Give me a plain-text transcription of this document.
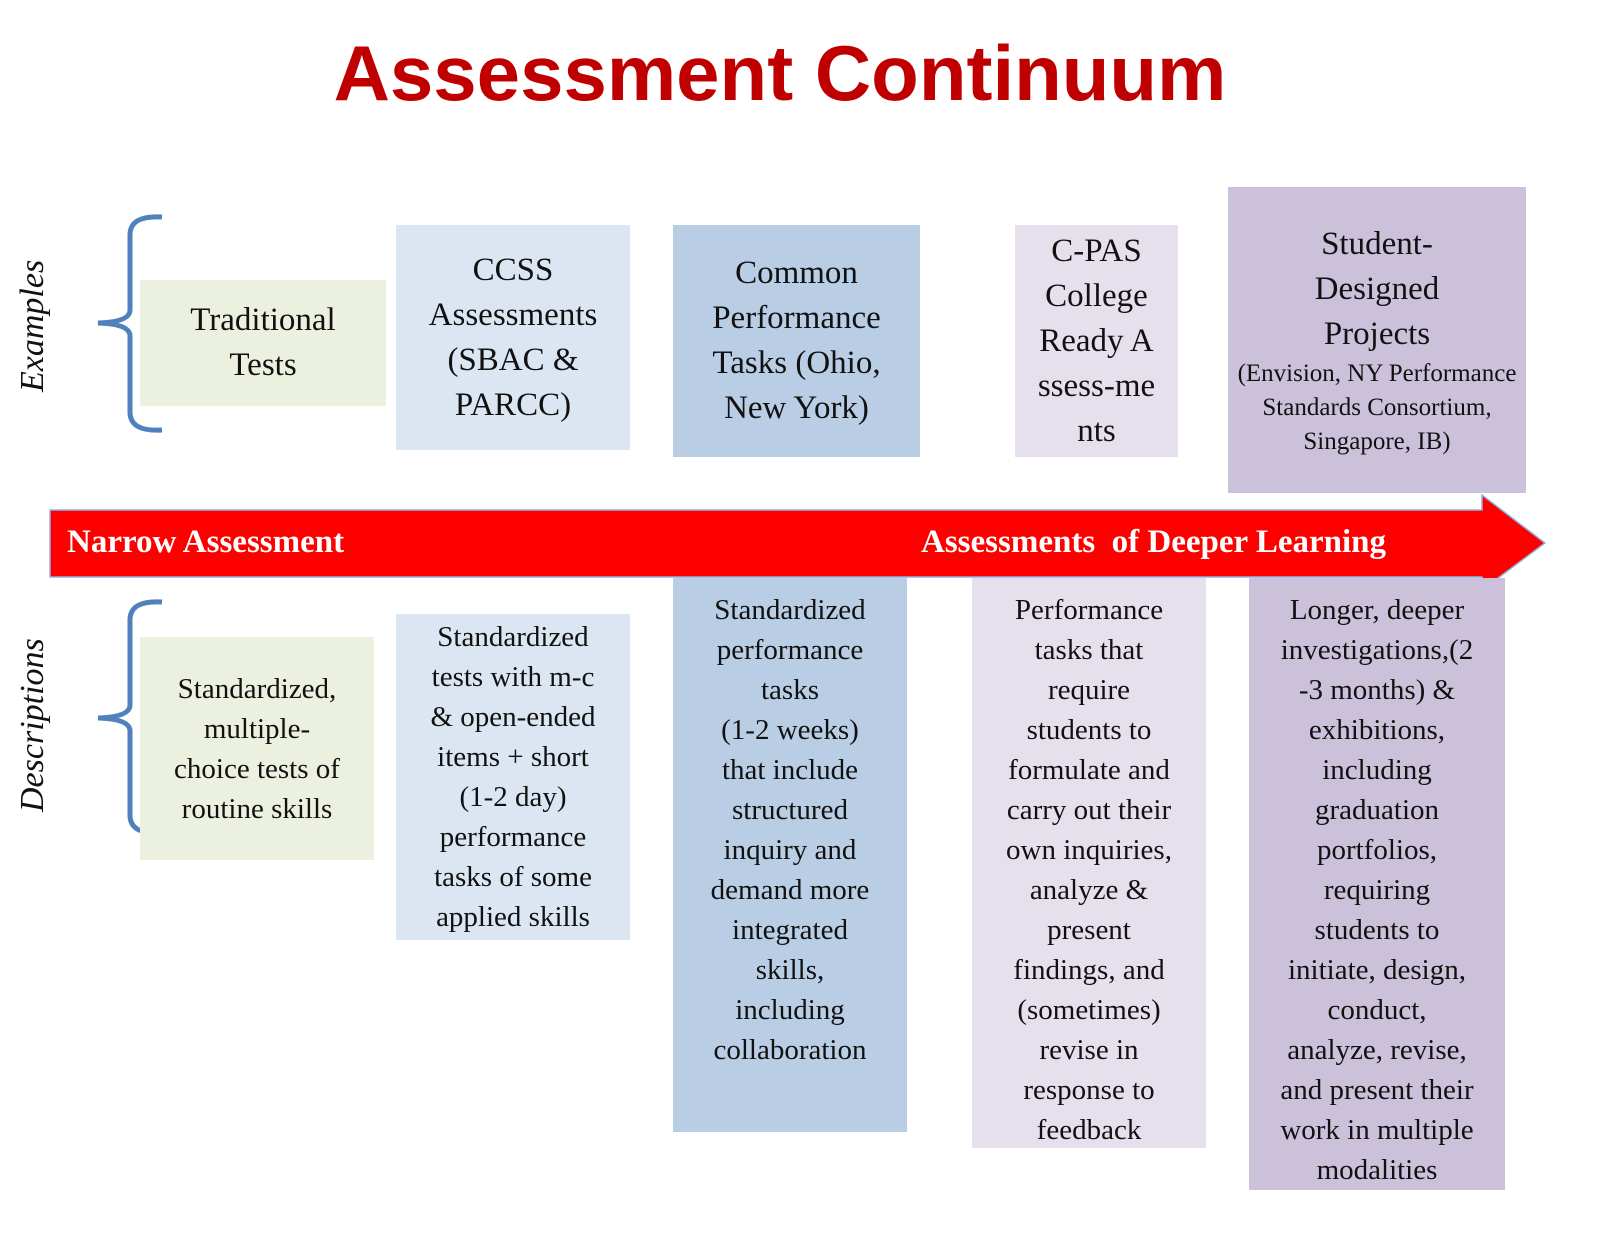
Assessment Continuum
Examples
Descriptions
Narrow Assessment	Assessments  of Deeper Learning
Traditional Tests
CCSS Assessments (SBAC & PARCC)
Common Performance Tasks (Ohio, New York)
C-PAS College Ready Assess-ments
Student-Designed Projects
(Envision, NY Performance Standards Consortium, Singapore, IB)
Standardized,
multiple-
choice tests of
routine skills
Standardized
tests with m-c
& open-ended
items + short
(1-2 day)
performance
tasks of some
applied skills
Standardized
performance
tasks
(1-2 weeks)
that include
structured
inquiry and
demand more
integrated
skills,
including
collaboration
Performance
tasks that
require
students to
formulate and
carry out their
own inquiries,
analyze &
present
findings, and
(sometimes)
revise in
response to
feedback
Longer, deeper
investigations,(2
-3 months) &
exhibitions,
including
graduation
portfolios,
requiring
students to
initiate, design,
conduct,
analyze, revise,
and present their
work in multiple
modalities
